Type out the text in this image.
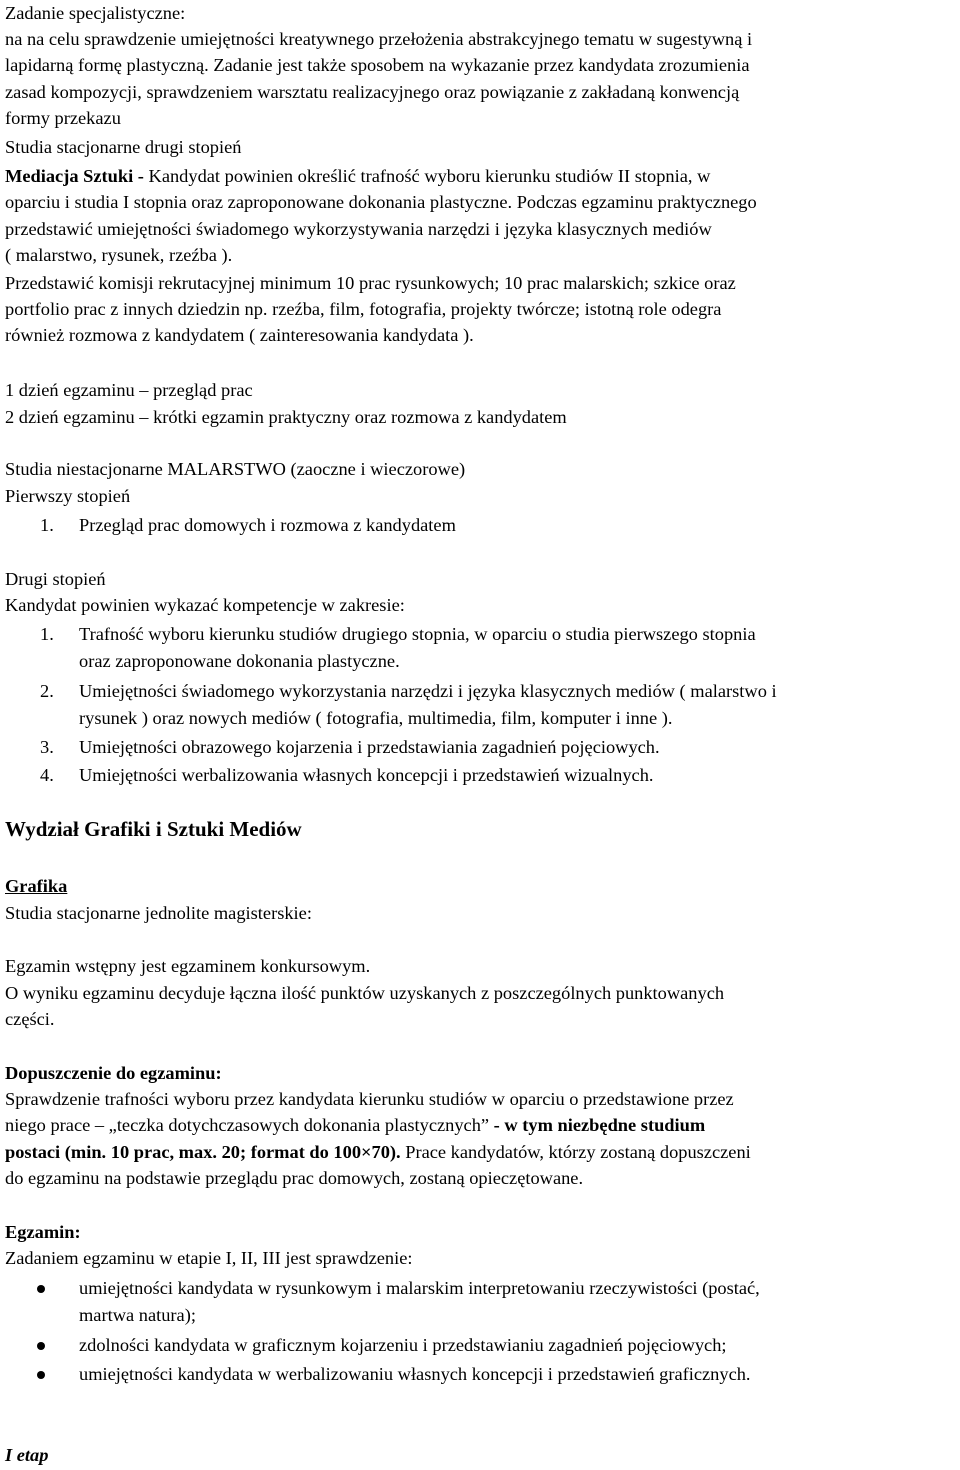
Zadanie specjalistyczne:
na na celu sprawdzenie umiejętności kreatywnego przełożenia abstrakcyjnego tematu w sugestywną i
lapidarną formę plastyczną. Zadanie jest także sposobem na wykazanie przez kandydata zrozumienia
zasad kompozycji, sprawdzeniem warsztatu realizacyjnego oraz powiązanie z zakładaną konwencją
formy przekazu
Studia stacjonarne drugi stopień
Mediacja Sztuki - Kandydat powinien określić trafność wyboru kierunku studiów II stopnia, w
oparciu i studia I stopnia oraz zaproponowane dokonania plastyczne. Podczas egzaminu praktycznego
przedstawić umiejętności świadomego wykorzystywania narzędzi i języka klasycznych mediów
( malarstwo, rysunek, rzeźba ).
Przedstawić komisji rekrutacyjnej minimum 10 prac rysunkowych; 10 prac malarskich; szkice oraz
portfolio prac z innych dziedzin np. rzeźba, film, fotografia, projekty twórcze; istotną role odegra
również rozmowa z kandydatem ( zainteresowania kandydata ).
1 dzień egzaminu – przegląd prac
2 dzień egzaminu – krótki egzamin praktyczny oraz rozmowa z kandydatem
Studia niestacjonarne MALARSTWO (zaoczne i wieczorowe)
Pierwszy stopień
1. Przegląd prac domowych i rozmowa z kandydatem
Drugi stopień
Kandydat powinien wykazać kompetencje w zakresie:
1. Trafność wyboru kierunku studiów drugiego stopnia, w oparciu o studia pierwszego stopnia
oraz zaproponowane dokonania plastyczne.
2. Umiejętności świadomego wykorzystania narzędzi i języka klasycznych mediów ( malarstwo i
rysunek ) oraz nowych mediów ( fotografia, multimedia, film, komputer i inne ).
3. Umiejętności obrazowego kojarzenia i przedstawiania zagadnień pojęciowych.
4. Umiejętności werbalizowania własnych koncepcji i przedstawień wizualnych.
Wydział Grafiki i Sztuki Mediów
Grafika
Studia stacjonarne jednolite magisterskie:
Egzamin wstępny jest egzaminem konkursowym.
O wyniku egzaminu decyduje łączna ilość punktów uzyskanych z poszczególnych punktowanych
części.
Dopuszczenie do egzaminu:
Sprawdzenie trafności wyboru przez kandydata kierunku studiów w oparciu o przedstawione przez
niego prace – „teczka dotychczasowych dokonania plastycznych” - w tym niezbędne studium
postaci (min. 10 prac, max. 20; format do 100×70). Prace kandydatów, którzy zostaną dopuszczeni
do egzaminu na podstawie przeglądu prac domowych, zostaną opieczętowane.
Egzamin:
Zadaniem egzaminu w etapie I, II, III jest sprawdzenie:
umiejętności kandydata w rysunkowym i malarskim interpretowaniu rzeczywistości (postać,
martwa natura);
zdolności kandydata w graficznym kojarzeniu i przedstawianiu zagadnień pojęciowych;
umiejętności kandydata w werbalizowaniu własnych koncepcji i przedstawień graficznych.
I etap
